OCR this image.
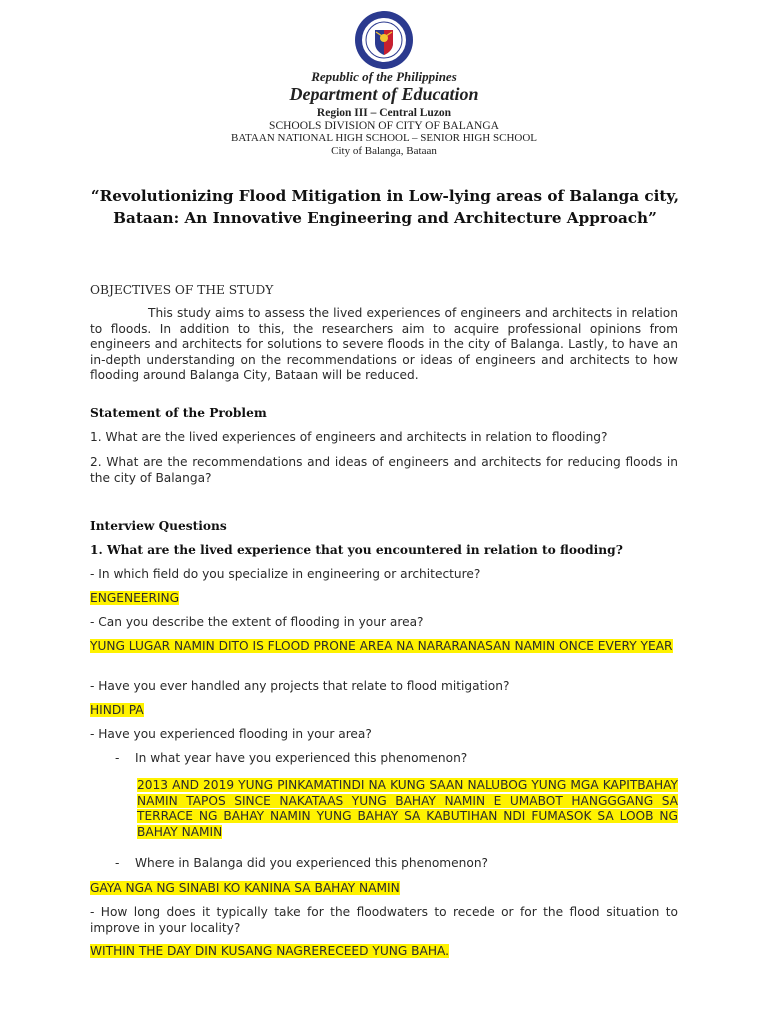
Republic of the Philippines
Department of Education
Region III – Central Luzon
SCHOOLS DIVISION OF CITY OF BALANGA
BATAAN NATIONAL HIGH SCHOOL – SENIOR HIGH SCHOOL
City of Balanga, Bataan
“Revolutionizing Flood Mitigation in Low-lying areas of Balanga city, Bataan: An Innovative Engineering and Architecture Approach”
OBJECTIVES OF THE STUDY
This study aims to assess the lived experiences of engineers and architects in relation to floods. In addition to this, the researchers aim to acquire professional opinions from engineers and architects for solutions to severe floods in the city of Balanga. Lastly, to have an in-depth understanding on the recommendations or ideas of engineers and architects to how flooding around Balanga City, Bataan will be reduced.
Statement of the Problem
1. What are the lived experiences of engineers and architects in relation to flooding?
2. What are the recommendations and ideas of engineers and architects for reducing floods in the city of Balanga?
Interview Questions
1. What are the lived experience that you encountered in relation to flooding?
- In which field do you specialize in engineering or architecture?
ENGENEERING
- Can you describe the extent of flooding in your area?
YUNG LUGAR NAMIN DITO IS FLOOD PRONE AREA NA NARARANASAN NAMIN ONCE EVERY YEAR
- Have you ever handled any projects that relate to flood mitigation?
HINDI PA
- Have you experienced flooding in your area?
- In what year have you experienced this phenomenon?
2013 AND 2019 YUNG PINKAMATINDI NA KUNG SAAN NALUBOG YUNG MGA KAPITBAHAY NAMIN TAPOS SINCE NAKATAAS YUNG BAHAY NAMIN E UMABOT HANGGGANG SA TERRACE NG BAHAY NAMIN YUNG BAHAY SA KABUTIHAN NDI FUMASOK SA LOOB NG BAHAY NAMIN
- Where in Balanga did you experienced this phenomenon?
GAYA NGA NG SINABI KO KANINA SA BAHAY NAMIN
- How long does it typically take for the floodwaters to recede or for the flood situation to improve in your locality?
WITHIN THE DAY DIN KUSANG NAGRERECEED YUNG BAHA.
